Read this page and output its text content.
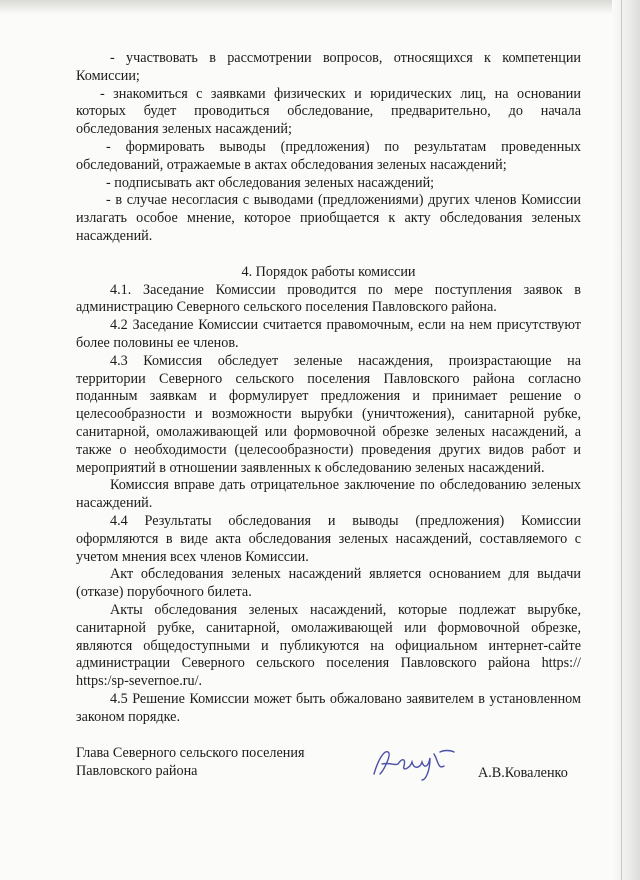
- участвовать в рассмотрении вопросов, относящихся к компетенции Комиссии;

- знакомиться с заявками физических и юридических лиц, на основании которых будет проводиться обследование, предварительно, до начала обследования зеленых насаждений;

- формировать выводы (предложения) по результатам проведенных обследований, отражаемые в актах обследования зеленых насаждений;

- подписывать акт обследования зеленых насаждений;

- в случае несогласия с выводами (предложениями) других членов Комиссии излагать особое мнение, которое приобщается к акту обследования зеленых насаждений.

4. Порядок работы комиссии

4.1. Заседание Комиссии проводится по мере поступления заявок в администрацию Северного сельского поселения Павловского района.

4.2 Заседание Комиссии считается правомочным, если на нем присутствуют более половины ее членов.

4.3 Комиссия обследует зеленые насаждения, произрастающие на территории Северного сельского поселения Павловского района согласно поданным заявкам и формулирует предложения и принимает решение о целесообразности и возможности вырубки (уничтожения), санитарной рубке, санитарной, омолаживающей или формовочной обрезке зеленых насаждений, а также о необходимости (целесообразности) проведения других видов работ и мероприятий в отношении заявленных к обследованию зеленых насаждений.

Комиссия вправе дать отрицательное заключение по обследованию зеленых насаждений.

4.4 Результаты обследования и выводы (предложения) Комиссии оформляются в виде акта обследования зеленых насаждений, составляемого с учетом мнения всех членов Комиссии.

Акт обследования зеленых насаждений является основанием для выдачи (отказе) порубочного билета.

Акты обследования зеленых насаждений, которые подлежат вырубке, санитарной рубке, санитарной, омолаживающей или формовочной обрезке, являются общедоступными и публикуются на официальном интернет-сайте администрации Северного сельского поселения Павловского района https:// https:/sp-severnoe.ru/.

4.5 Решение Комиссии может быть обжаловано заявителем в установленном законом порядке.

Глава Северного сельского поселения
Павловского района	А.В.Коваленко
